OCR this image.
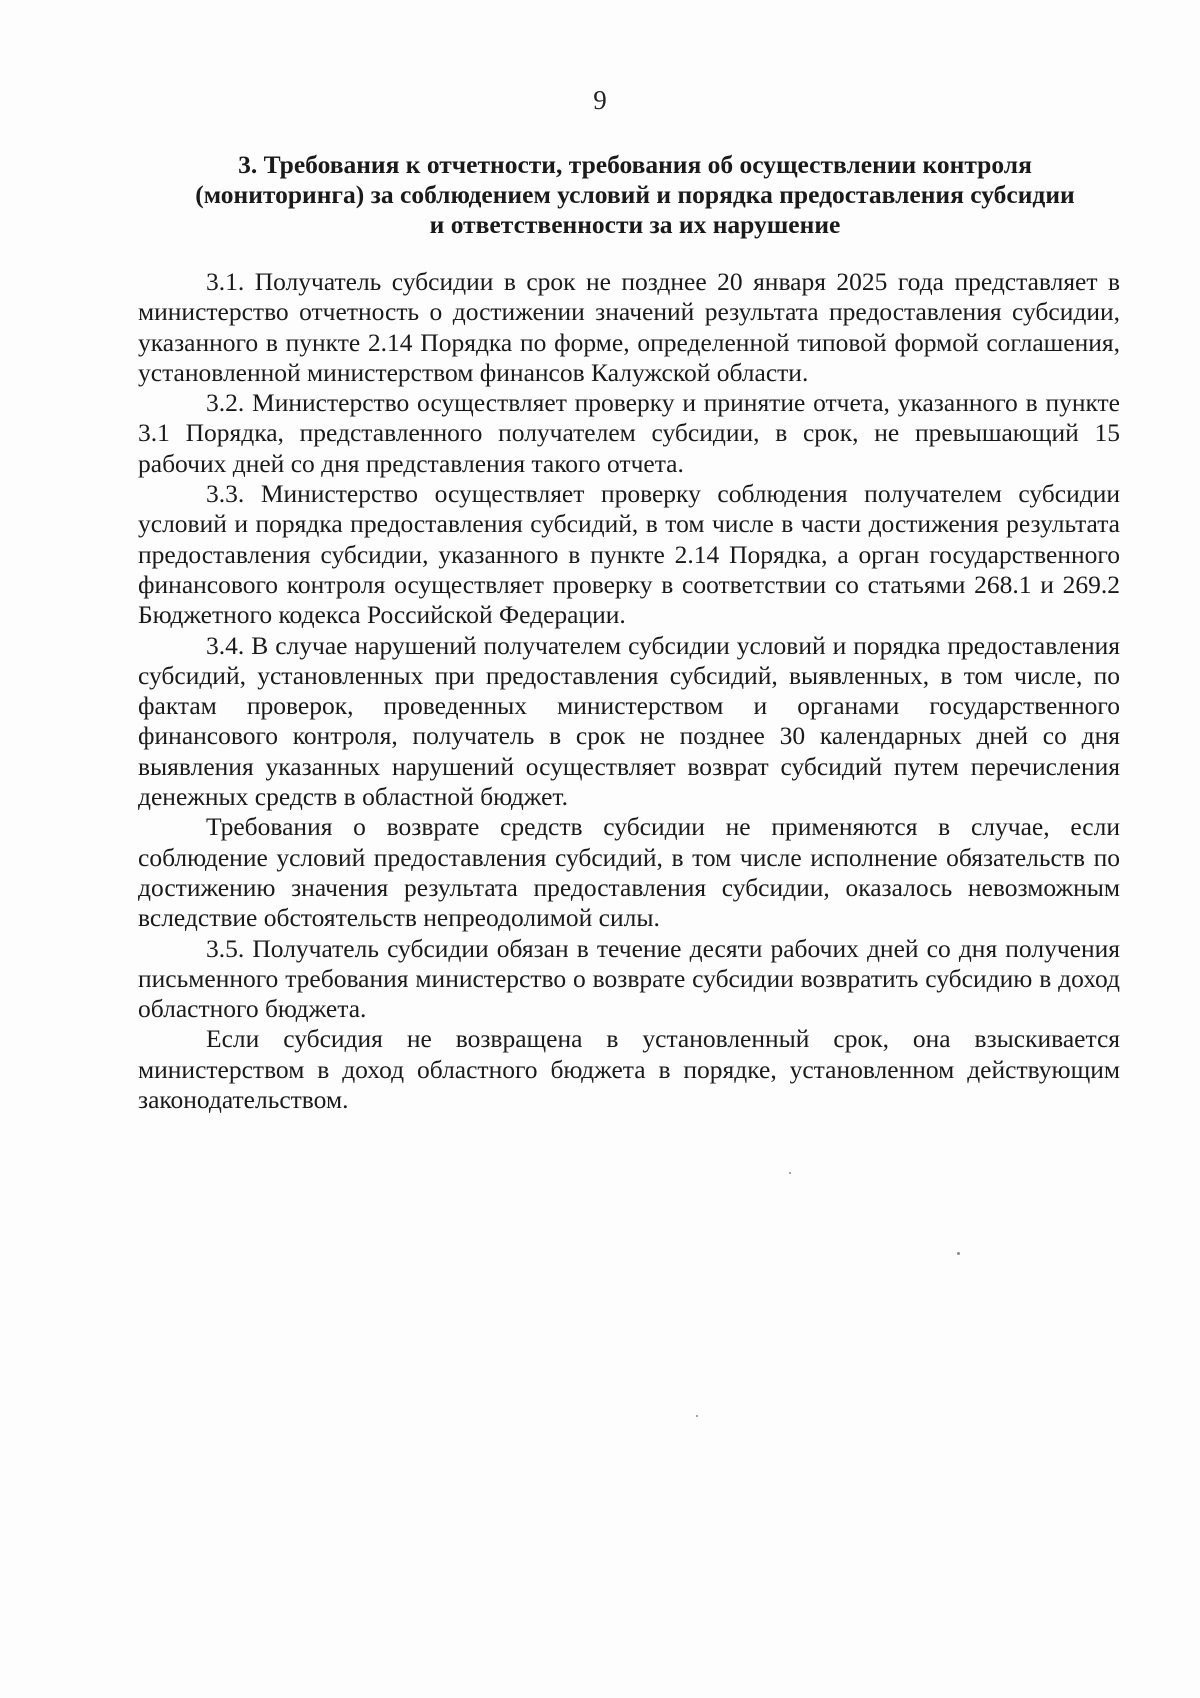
9
3. Требования к отчетности, требования об осуществлении контроля
(мониторинга) за соблюдением условий и порядка предоставления субсидии
и ответственности за их нарушение

3.1. Получатель субсидии в срок не позднее 20 января 2025 года представляет в министерство отчетность о достижении значений результата предоставления субсидии, указанного в пункте 2.14 Порядка по форме, определенной типовой формой соглашения, установленной министерством финансов Калужской области.

3.2. Министерство осуществляет проверку и принятие отчета, указанного в пункте 3.1 Порядка, представленного получателем субсидии, в срок, не превышающий 15 рабочих дней со дня представления такого отчета.

3.3. Министерство осуществляет проверку соблюдения получателем субсидии условий и порядка предоставления субсидий, в том числе в части достижения результата предоставления субсидии, указанного в пункте 2.14 Порядка, а орган государственного финансового контроля осуществляет проверку в соответствии со статьями 268.1 и 269.2 Бюджетного кодекса Российской Федерации.

3.4. В случае нарушений получателем субсидии условий и порядка предоставления субсидий, установленных при предоставления субсидий, выявленных, в том числе, по фактам проверок, проведенных министерством и органами государственного финансового контроля, получатель в срок не позднее 30 календарных дней со дня выявления указанных нарушений осуществляет возврат субсидий путем перечисления денежных средств в областной бюджет.

Требования о возврате средств субсидии не применяются в случае, если соблюдение условий предоставления субсидий, в том числе исполнение обязательств по достижению значения результата предоставления субсидии, оказалось невозможным вследствие обстоятельств непреодолимой силы.

3.5. Получатель субсидии обязан в течение десяти рабочих дней со дня получения письменного требования министерство о возврате субсидии возвратить субсидию в доход областного бюджета.

Если субсидия не возвращена в установленный срок, она взыскивается министерством в доход областного бюджета в порядке, установленном действующим законодательством.
